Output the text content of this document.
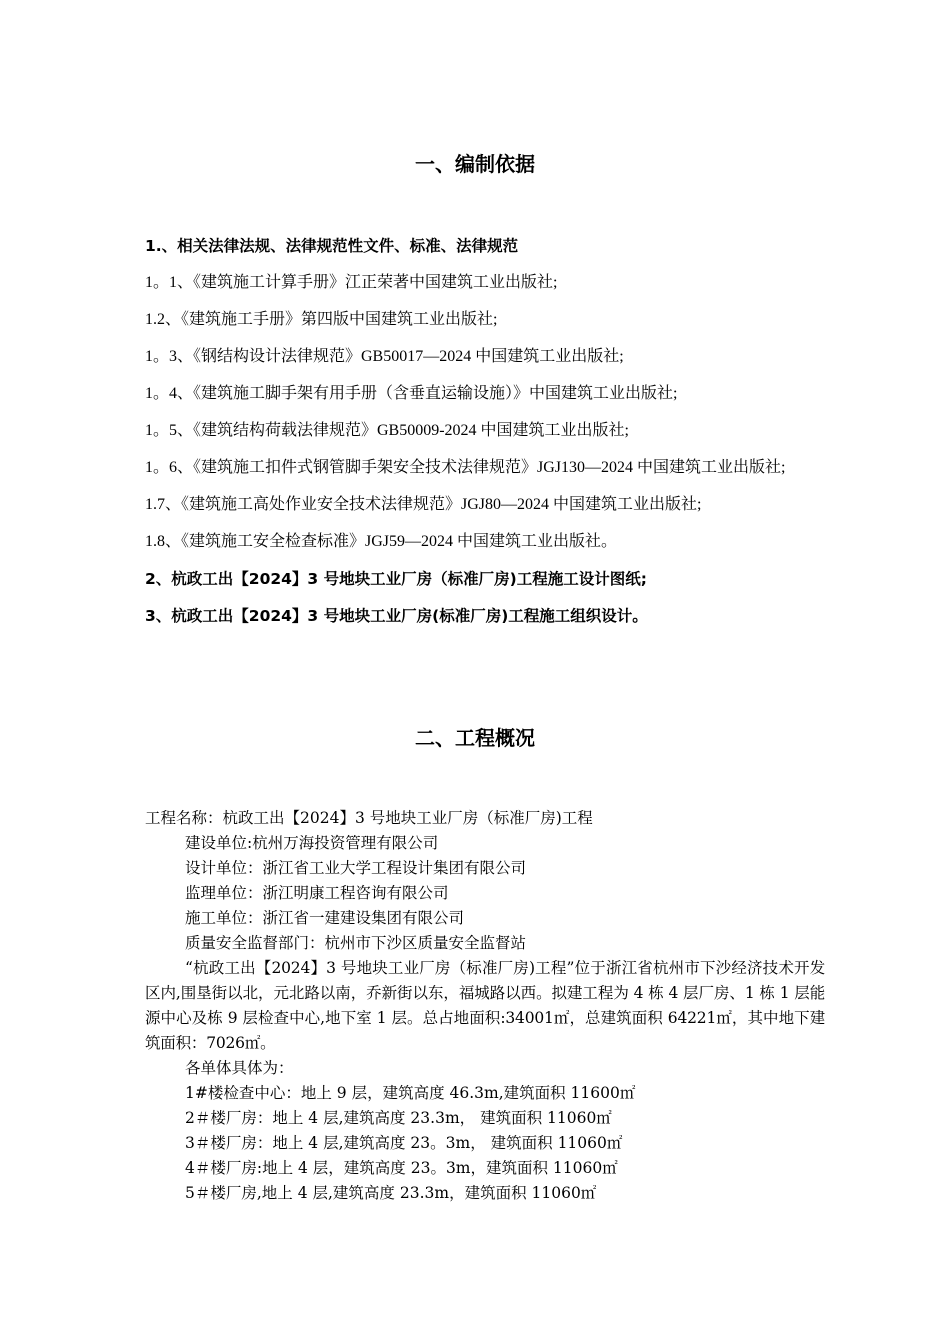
一、编制依据
1.、相关法律法规、法律规范性文件、标准、法律规范
1。1、《建筑施工计算手册》江正荣著中国建筑工业出版社;
1.2、《建筑施工手册》第四版中国建筑工业出版社;
1。3、《钢结构设计法律规范》GB50017—2024 中国建筑工业出版社;
1。4、《建筑施工脚手架有用手册（含垂直运输设施）》中国建筑工业出版社;
1。5、《建筑结构荷载法律规范》GB50009-2024 中国建筑工业出版社;
1。6、《建筑施工扣件式钢管脚手架安全技术法律规范》JGJ130—2024 中国建筑工业出版社;
1.7、《建筑施工高处作业安全技术法律规范》JGJ80—2024 中国建筑工业出版社;
1.8、《建筑施工安全检查标准》JGJ59—2024 中国建筑工业出版社。
2、杭政工出【2024】3 号地块工业厂房（标准厂房)工程施工设计图纸;
3、杭政工出【2024】3 号地块工业厂房(标准厂房)工程施工组织设计。
二、工程概况
工程名称：杭政工出【2024】3 号地块工业厂房（标准厂房)工程
建设单位:杭州万海投资管理有限公司
设计单位：浙江省工业大学工程设计集团有限公司
监理单位：浙江明康工程咨询有限公司
施工单位：浙江省一建建设集团有限公司
质量安全监督部门：杭州市下沙区质量安全监督站
“杭政工出【2024】3 号地块工业厂房（标准厂房)工程”位于浙江省杭州市下沙经济技术开发区内,围垦街以北，元北路以南，乔新街以东，福城路以西。拟建工程为 4 栋 4 层厂房、1 栋 1 层能源中心及栋 9 层检查中心,地下室 1 层。总占地面积:34001㎡，总建筑面积 64221㎡，其中地下建筑面积：7026㎡。
各单体具体为：
1#楼检查中心：地上 9 层，建筑高度 46.3m,建筑面积 11600㎡
2＃楼厂房：地上 4 层,建筑高度 23.3m， 建筑面积 11060㎡
3＃楼厂房：地上 4 层,建筑高度 23。3m， 建筑面积 11060㎡
4＃楼厂房:地上 4 层，建筑高度 23。3m，建筑面积 11060㎡
5＃楼厂房,地上 4 层,建筑高度 23.3m，建筑面积 11060㎡
